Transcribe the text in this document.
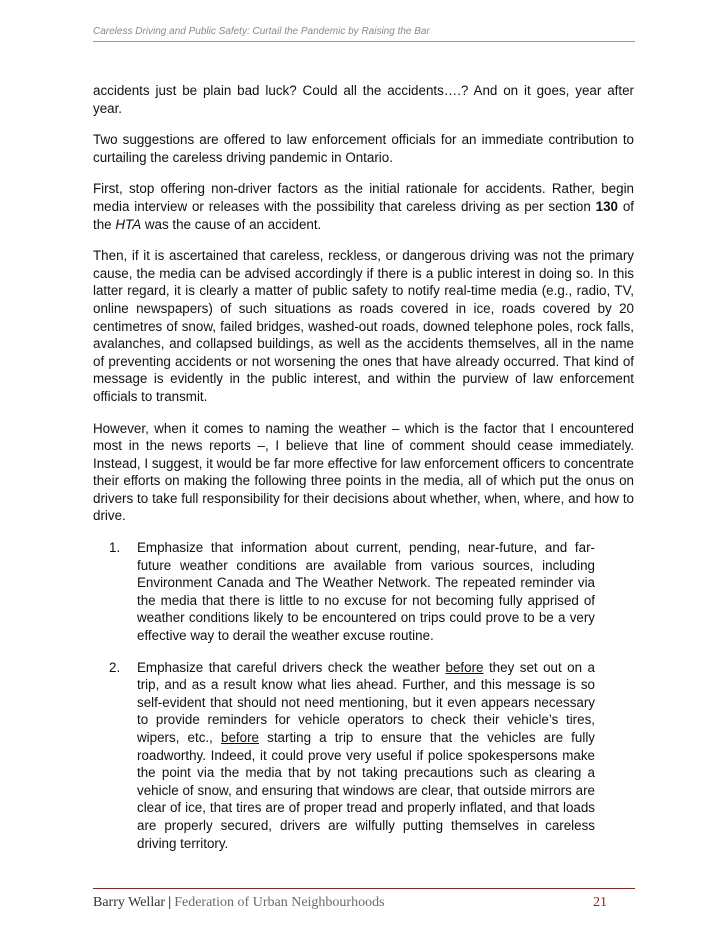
Careless Driving and Public Safety: Curtail the Pandemic by Raising the Bar

accidents just be plain bad luck? Could all the accidents….? And on it goes, year after year.

Two suggestions are offered to law enforcement officials for an immediate contribution to curtailing the careless driving pandemic in Ontario.

First, stop offering non-driver factors as the initial rationale for accidents. Rather, begin media interview or releases with the possibility that careless driving as per section 130 of the HTA was the cause of an accident.

Then, if it is ascertained that careless, reckless, or dangerous driving was not the primary cause, the media can be advised accordingly if there is a public interest in doing so. In this latter regard, it is clearly a matter of public safety to notify real-time media (e.g., radio, TV, online newspapers) of such situations as roads covered in ice, roads covered by 20 centimetres of snow, failed bridges, washed-out roads, downed telephone poles, rock falls, avalanches, and collapsed buildings, as well as the accidents themselves, all in the name of preventing accidents or not worsening the ones that have already occurred. That kind of message is evidently in the public interest, and within the purview of law enforcement officials to transmit.

However, when it comes to naming the weather – which is the factor that I encountered most in the news reports –, I believe that line of comment should cease immediately. Instead, I suggest, it would be far more effective for law enforcement officers to concentrate their efforts on making the following three points in the media, all of which put the onus on drivers to take full responsibility for their decisions about whether, when, where, and how to drive.

1. Emphasize that information about current, pending, near-future, and far-future weather conditions are available from various sources, including Environment Canada and The Weather Network. The repeated reminder via the media that there is little to no excuse for not becoming fully apprised of weather conditions likely to be encountered on trips could prove to be a very effective way to derail the weather excuse routine.
2. Emphasize that careful drivers check the weather before they set out on a trip, and as a result know what lies ahead. Further, and this message is so self-evident that should not need mentioning, but it even appears necessary to provide reminders for vehicle operators to check their vehicle’s tires, wipers, etc., before starting a trip to ensure that the vehicles are fully roadworthy. Indeed, it could prove very useful if police spokespersons make the point via the media that by not taking precautions such as clearing a vehicle of snow, and ensuring that windows are clear, that outside mirrors are clear of ice, that tires are of proper tread and properly inflated, and that loads are properly secured, drivers are wilfully putting themselves in careless driving territory.
Barry Wellar | Federation of Urban Neighbourhoods	21
